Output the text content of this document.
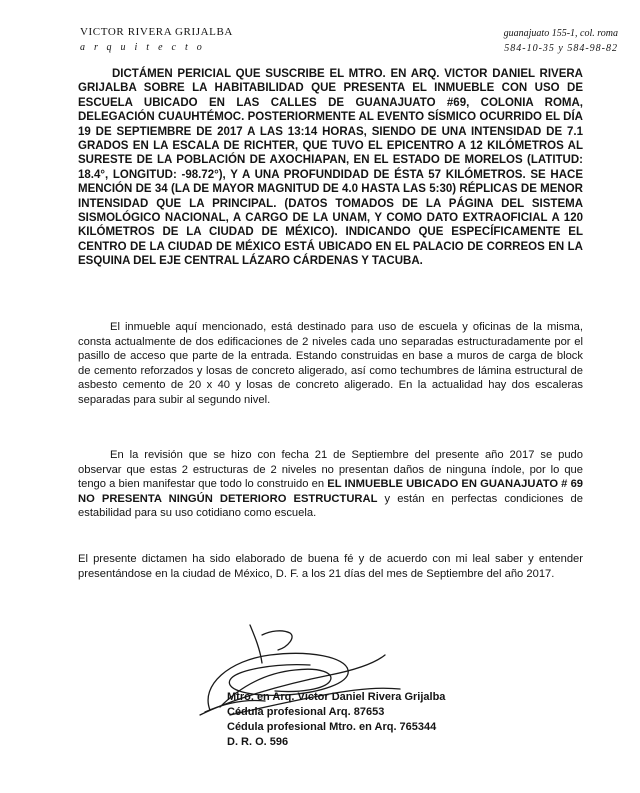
VICTOR RIVERA GRIJALBA
arquitecto
guanajuato 155-1, col. roma
584-10-35 y 584-98-82
DICTÁMEN PERICIAL QUE SUSCRIBE EL MTRO. EN ARQ. VICTOR DANIEL RIVERA GRIJALBA SOBRE LA HABITABILIDAD QUE PRESENTA EL INMUEBLE CON USO DE ESCUELA UBICADO EN LAS CALLES DE GUANAJUATO #69, COLONIA ROMA, DELEGACIÓN CUAUHTÉMOC. POSTERIORMENTE AL EVENTO SÍSMICO OCURRIDO EL DÍA 19 DE SEPTIEMBRE DE 2017 A LAS 13:14 HORAS, SIENDO DE UNA INTENSIDAD DE 7.1 GRADOS EN LA ESCALA DE RICHTER, QUE TUVO EL EPICENTRO A 12 KILÓMETROS AL SURESTE DE LA POBLACIÓN DE AXOCHIAPAN, EN EL ESTADO DE MORELOS (LATITUD: 18.4°, LONGITUD: -98.72°), Y A UNA PROFUNDIDAD DE ÉSTA 57 KILÓMETROS. SE HACE MENCIÓN DE 34 (LA DE MAYOR MAGNITUD DE 4.0 HASTA LAS 5:30) RÉPLICAS DE MENOR INTENSIDAD QUE LA PRINCIPAL. (DATOS TOMADOS DE LA PÁGINA DEL SISTEMA SISMOLÓGICO NACIONAL, A CARGO DE LA UNAM, Y COMO DATO EXTRAOFICIAL A 120 KILÓMETROS DE LA CIUDAD DE MÉXICO). INDICANDO QUE ESPECÍFICAMENTE EL CENTRO DE LA CIUDAD DE MÉXICO ESTÁ UBICADO EN EL PALACIO DE CORREOS EN LA ESQUINA DEL EJE CENTRAL LÁZARO CÁRDENAS Y TACUBA.
El inmueble aquí mencionado, está destinado para uso de escuela y oficinas de la misma, consta actualmente de dos edificaciones de 2 niveles cada uno separadas estructuradamente por el pasillo de acceso que parte de la entrada. Estando construidas en base a muros de carga de block de cemento reforzados y losas de concreto aligerado, así como techumbres de lámina estructural de asbesto cemento de 20 x 40 y losas de concreto aligerado. En la actualidad hay dos escaleras separadas para subir al segundo nivel.
En la revisión que se hizo con fecha 21 de Septiembre del presente año 2017 se pudo observar que estas 2 estructuras de 2 niveles no presentan daños de ninguna índole, por lo que tengo a bien manifestar que todo lo construido en EL INMUEBLE UBICADO EN GUANAJUATO # 69 NO PRESENTA NINGÚN DETERIORO ESTRUCTURAL y están en perfectas condiciones de estabilidad para su uso cotidiano como escuela.
El presente dictamen ha sido elaborado de buena fé y de acuerdo con mi leal saber y entender presentándose en la ciudad de México, D. F. a los 21 días del mes de Septiembre del año 2017.
Mtro. en Arq. Víctor Daniel Rivera Grijalba
Cédula profesional Arq. 87653
Cédula profesional Mtro. en Arq. 765344
D. R. O. 596
